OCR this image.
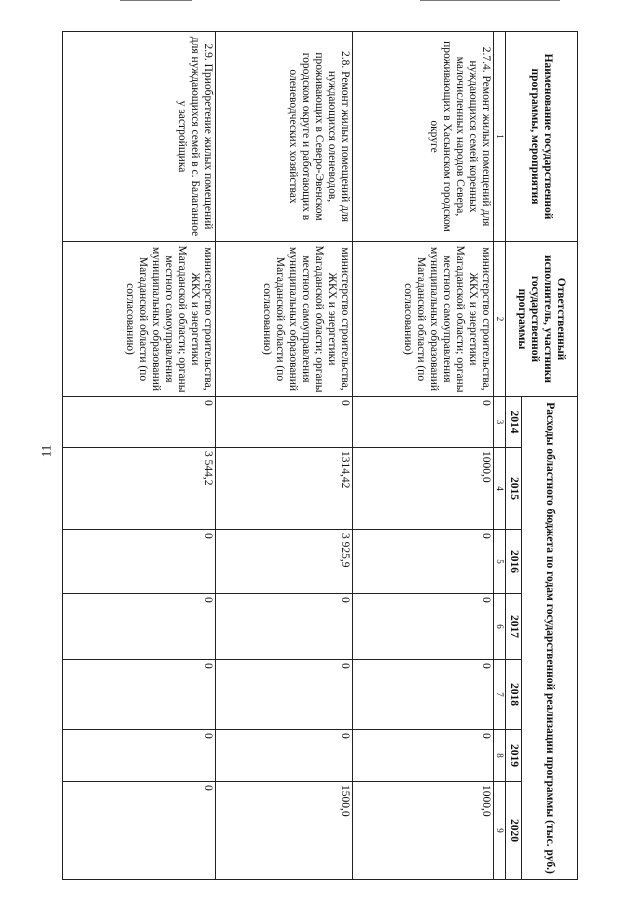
11
Наименование государственной программы, мероприятия	Ответственный исполнитель, участники государственной программы	Расходы областного бюджета по годам государственной реализации программы (тыс. руб.)						
		2014	2015	2016	2017	2018	2019	2020
1	2	3	4	5	6	7	8	9
2.7.4. Ремонт жилых помещений для нуждающихся семей коренных малочисленных народов Севера, проживающих в Хасынском городском округе	министерство строительства, ЖКХ и энергетики Магаданской области; органы местного самоуправления муниципальных образований Магаданской области (по согласованию)	0	1000,0	0	0	0	0	1000,0
2.8. Ремонт жилых помещений для нуждающихся оленеводов, проживающих в Северо-Эвенском городском округе и работающих в оленеводческих хозяйствах	министерство строительства, ЖКХ и энергетики Магаданской области; органы местного самоуправления муниципальных образований Магаданской области (по согласованию)	0	1314,42	3 925,9	0	0	0	1500,0
2.9. Приобретение жилых помещений для нуждающихся семей в с. Балаганное у застройщика	министерство строительства, ЖКХ и энергетики Магаданской области; органы местного самоуправления муниципальных образований Магаданской области (по согласованию)	0	3 544,2	0	0	0	0	0
